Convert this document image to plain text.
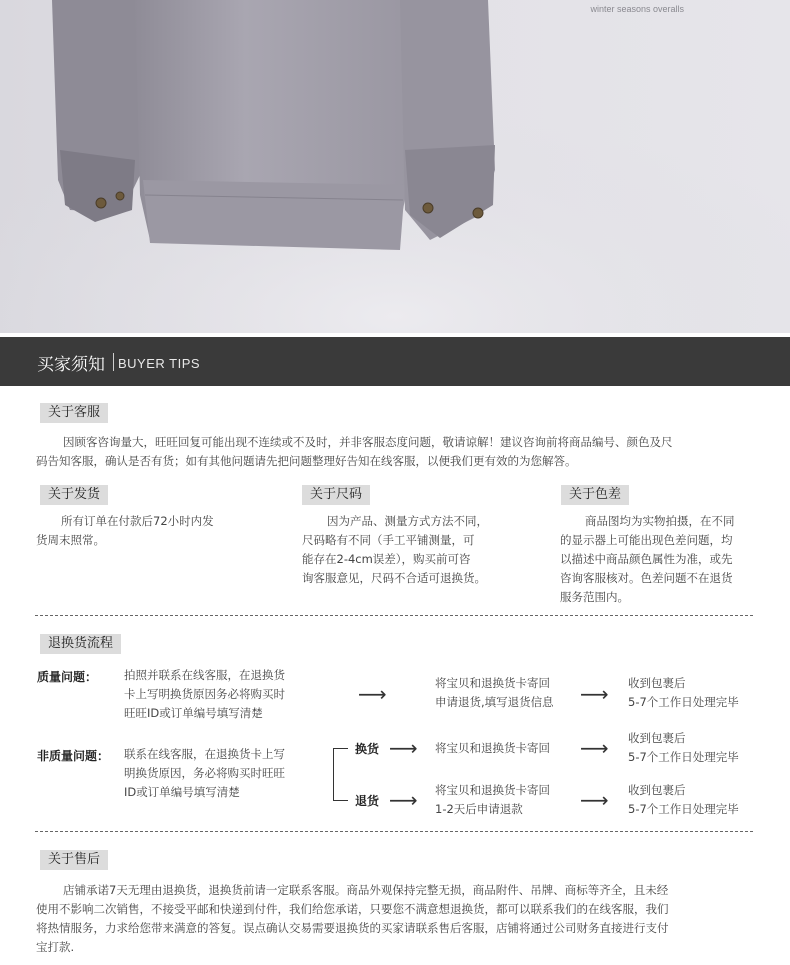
winter seasons overalls
买家须知 BUYER TIPS
关于客服
因顾客咨询量大，旺旺回复可能出现不连续或不及时，并非客服态度问题，敬请谅解！建议咨询前将商品编号、颜色及尺
码告知客服，确认是否有货；如有其他问题请先把问题整理好告知在线客服，以便我们更有效的为您解答。
关于发货
所有订单在付款后72小时内发
货周末照常。
关于尺码
因为产品、测量方式方法不同，
尺码略有不同（手工平铺测量，可
能存在2-4cm误差），购买前可咨
询客服意见，尺码不合适可退换货。
关于色差
商品图均为实物拍摄，在不同
的显示器上可能出现色差问题，均
以描述中商品颜色属性为准，或先
咨询客服核对。色差问题不在退货
服务范围内。
退换货流程
质量问题： 拍照并联系在线客服，在退换货
卡上写明换货原因务必将购买时
旺旺ID或订单编号填写清楚
⟶	将宝贝和退换货卡寄回
申请退货,填写退货信息	⟶ 收到包裹后
5-7个工作日处理完毕
非质量问题： 联系在线客服，在退换货卡上写
明换货原因，务必将购买时旺旺
ID或订单编号填写清楚
换货 ⟶ 将宝贝和退换货卡寄回	⟶ 收到包裹后
5-7个工作日处理完毕
退货 ⟶ 将宝贝和退换货卡寄回
1-2天后申请退款	⟶ 收到包裹后
5-7个工作日处理完毕
关于售后
店铺承诺7天无理由退换货，退换货前请一定联系客服。商品外观保持完整无损，商品附件、吊牌、商标等齐全，且未经
使用不影响二次销售，不接受平邮和快递到付件，我们给您承诺，只要您不满意想退换货，都可以联系我们的在线客服，我们
将热情服务，力求给您带来满意的答复。误点确认交易需要退换货的买家请联系售后客服，店铺将通过公司财务直接进行支付
宝打款.
